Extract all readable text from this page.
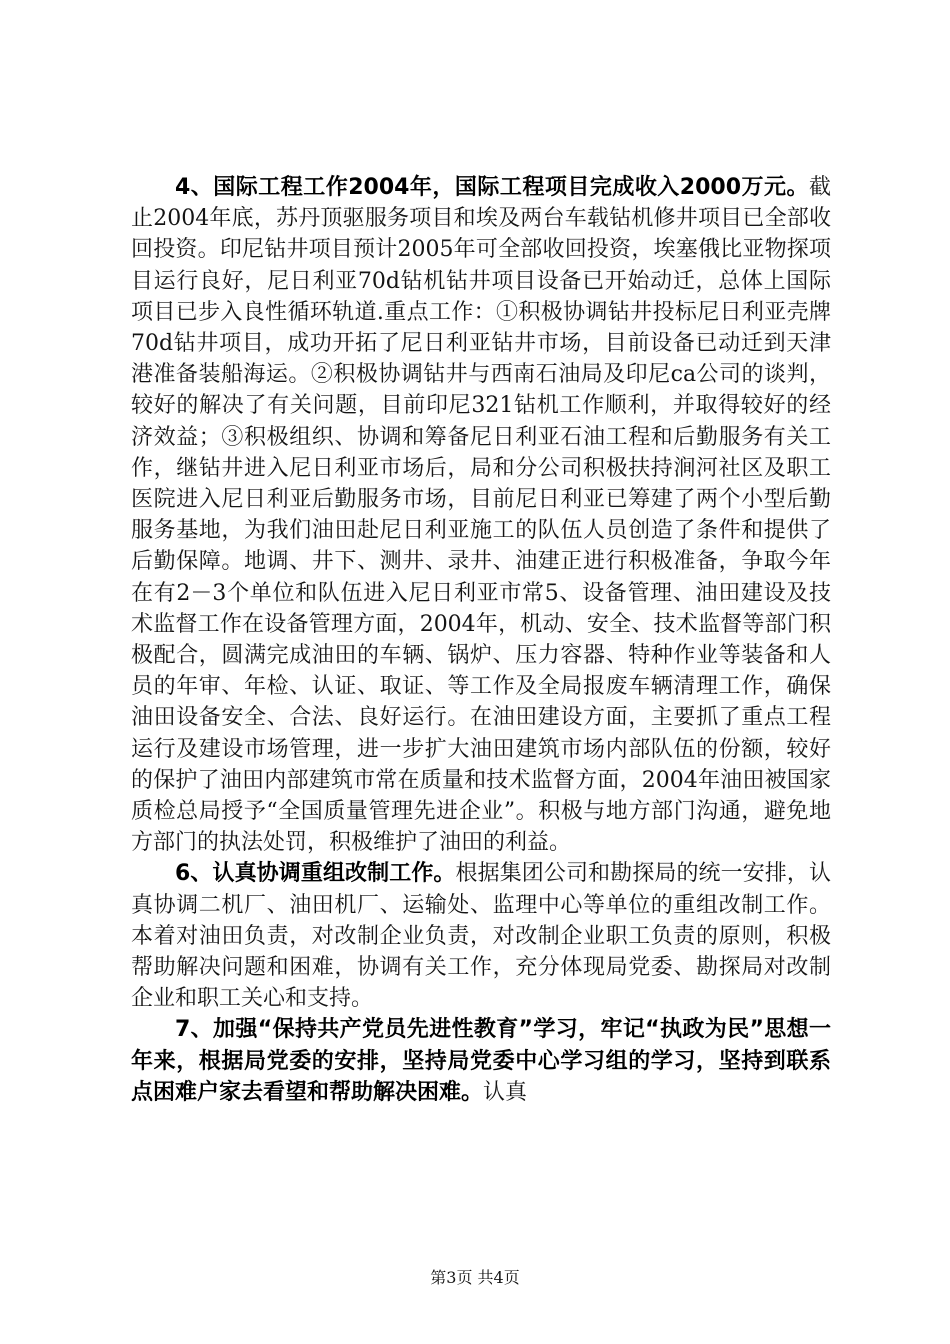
4、国际工程工作2004年，国际工程项目完成收入2000万元。截止2004年底，苏丹顶驱服务项目和埃及两台车载钻机修井项目已全部收回投资。印尼钻井项目预计2005年可全部收回投资，埃塞俄比亚物探项目运行良好，尼日利亚70d钻机钻井项目设备已开始动迁，总体上国际项目已步入良性循环轨道.重点工作：①积极协调钻井投标尼日利亚壳牌70d钻井项目，成功开拓了尼日利亚钻井市场，目前设备已动迁到天津港准备装船海运。②积极协调钻井与西南石油局及印尼ca公司的谈判，较好的解决了有关问题，目前印尼321钻机工作顺利，并取得较好的经济效益；③积极组织、协调和筹备尼日利亚石油工程和后勤服务有关工作，继钻井进入尼日利亚市场后，局和分公司积极扶持涧河社区及职工医院进入尼日利亚后勤服务市场，目前尼日利亚已筹建了两个小型后勤服务基地，为我们油田赴尼日利亚施工的队伍人员创造了条件和提供了后勤保障。地调、井下、测井、录井、油建正进行积极准备，争取今年在有2－3个单位和队伍进入尼日利亚市常5、设备管理、油田建设及技术监督工作在设备管理方面，2004年，机动、安全、技术监督等部门积极配合，圆满完成油田的车辆、锅炉、压力容器、特种作业等装备和人员的年审、年检、认证、取证、等工作及全局报废车辆清理工作，确保油田设备安全、合法、良好运行。在油田建设方面，主要抓了重点工程运行及建设市场管理，进一步扩大油田建筑市场内部队伍的份额，较好的保护了油田内部建筑市常在质量和技术监督方面，2004年油田被国家质检总局授予“全国质量管理先进企业”。积极与地方部门沟通，避免地方部门的执法处罚，积极维护了油田的利益。

6、认真协调重组改制工作。根据集团公司和勘探局的统一安排，认真协调二机厂、油田机厂、运输处、监理中心等单位的重组改制工作。本着对油田负责，对改制企业负责，对改制企业职工负责的原则，积极帮助解决问题和困难，协调有关工作，充分体现局党委、勘探局对改制企业和职工关心和支持。

7、加强“保持共产党员先进性教育”学习，牢记“执政为民”思想一年来，根据局党委的安排，坚持局党委中心学习组的学习，坚持到联系点困难户家去看望和帮助解决困难。认真

第3页 共4页
